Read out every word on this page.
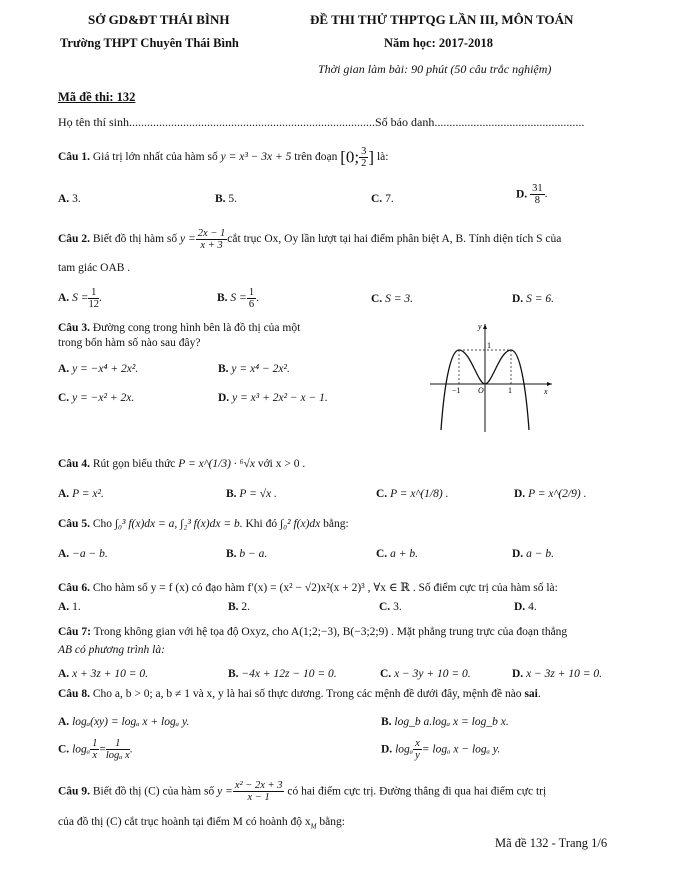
SỞ GD&ĐT THÁI BÌNH
Trường THPT Chuyên Thái Bình
ĐỀ THI THỬ THPTQG LẦN III, MÔN TOÁN
Năm học: 2017-2018
Thời gian làm bài: 90 phút (50 câu trắc nghiệm)
Mã đề thi: 132
Họ tên thí sinh..................................................................................Số báo danh..................................................
Câu 1. Giá trị lớn nhất của hàm số y = x³ − 3x + 5 trên đoạn [0; $\frac{3}{2}$ ] là:
A. 3.	B. 5.	C. 7.	D. $\frac{31}{8}$ .
Câu 2. Biết đồ thị hàm số $y = \frac{2x - 1}{x + 3}$ cắt trục Ox, Oy lần lượt tại hai điểm phân biệt A, B. Tính diện tích S của
tam giác OAB .
A. $S = \frac{1}{12}$ .	B. $S = \frac{1}{6}$ .	C. S = 3.	D. S = 6.
Câu 3. Đường cong trong hình bên là đồ thị của một
trong bốn hàm số nào sau đây?
A. y = −x⁴ + 2x².	B. y = x⁴ − 2x².
C. y = −x² + 2x.	D. y = x³ + 2x² − x − 1.
y
x
O
−1	1
1
Câu 4. Rút gọn biểu thức P = x^(1/3) · ⁶√x với x > 0 .
A. P = x².	B. P = √x .	C. P = x^(1/8) .	D. P = x^(2/9) .
Câu 5. Cho ∫₀³ f(x)dx = a, ∫₂³ f(x)dx = b. Khi đó ∫₀² f(x)dx bằng:
A. −a − b.	B. b − a.	C. a + b.	D. a − b.
Câu 6. Cho hàm số y = f (x) có đạo hàm f′(x) = (x² − √2)x²(x + 2)³ , ∀x ∈ ℝ . Số điểm cực trị của hàm số là:
A. 1.	B. 2.	C. 3.	D. 4.
Câu 7: Trong không gian với hệ tọa độ Oxyz, cho A(1;2;−3), B(−3;2;9) . Mặt phẳng trung trực của đoạn thẳng
AB có phương trình là:
A. x + 3z + 10 = 0.	B. −4x + 12z − 10 = 0.	C. x − 3y + 10 = 0.	D. x − 3z + 10 = 0.
Câu 8. Cho a, b > 0; a, b ≠ 1 và x, y là hai số thực dương. Trong các mệnh đề dưới đây, mệnh đề nào sai.
A. logₐ(xy) = logₐ x + logₐ y.	B. log_b a.logₐ x = log_b x.
C. logₐ $\frac{1}{x} = \frac{1}{\text{logₐ x}}$ .	D. logₐ $\frac{x}{y} = \log_a$ x − logₐ y.
Câu 9. Biết đồ thị (C) của hàm số $y = \frac{\text{x² − 2x + 3}}{x - 1}$ có hai điểm cực trị. Đường thẳng đi qua hai điểm cực trị
của đồ thị (C) cắt trục hoành tại điểm M có hoành độ $x_M$ bằng:
Mã đề 132 - Trang 1/6
